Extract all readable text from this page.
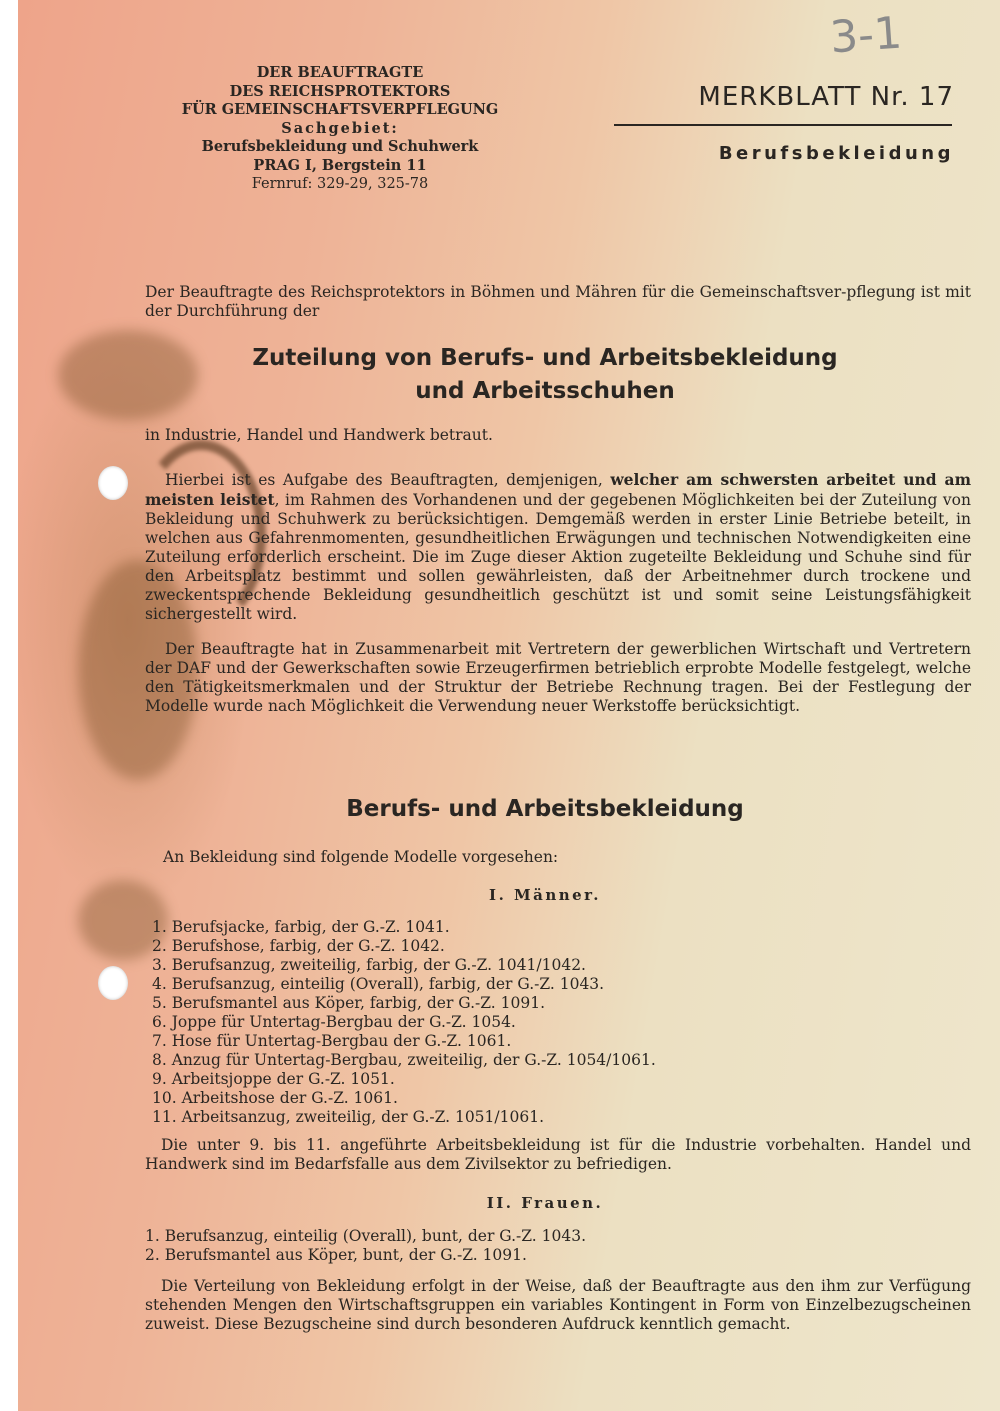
3-1
DER BEAUFTRAGTE
DES REICHSPROTEKTORS
FÜR GEMEINSCHAFTSVERPFLEGUNG
Sachgebiet:
Berufsbekleidung und Schuhwerk
PRAG I, Bergstein 11
Fernruf: 329-29, 325-78
MERKBLATT Nr. 17
Berufsbekleidung
Der Beauftragte des Reichsprotektors in Böhmen und Mähren für die Gemeinschaftsver-pflegung ist mit der Durchführung der
Zuteilung von Berufs- und Arbeitsbekleidung
und Arbeitsschuhen
in Industrie, Handel und Handwerk betraut.
Hierbei ist es Aufgabe des Beauftragten, demjenigen, welcher am schwersten arbeitet und am meisten leistet, im Rahmen des Vorhandenen und der gegebenen Möglichkeiten bei der Zuteilung von Bekleidung und Schuhwerk zu berücksichtigen. Demgemäß werden in erster Linie Betriebe beteilt, in welchen aus Gefahrenmomenten, gesundheitlichen Erwägungen und technischen Notwendigkeiten eine Zuteilung erforderlich erscheint. Die im Zuge dieser Aktion zugeteilte Bekleidung und Schuhe sind für den Arbeitsplatz bestimmt und sollen gewährleisten, daß der Arbeitnehmer durch trockene und zweckentsprechende Bekleidung gesundheitlich geschützt ist und somit seine Leistungsfähigkeit sichergestellt wird.
Der Beauftragte hat in Zusammenarbeit mit Vertretern der gewerblichen Wirtschaft und Vertretern der DAF und der Gewerkschaften sowie Erzeugerfirmen betrieblich erprobte Modelle festgelegt, welche den Tätigkeitsmerkmalen und der Struktur der Betriebe Rechnung tragen. Bei der Festlegung der Modelle wurde nach Möglichkeit die Verwendung neuer Werkstoffe berücksichtigt.
Berufs- und Arbeitsbekleidung
An Bekleidung sind folgende Modelle vorgesehen:
I. Männer.
1. Berufsjacke, farbig, der G.-Z. 1041.
2. Berufshose, farbig, der G.-Z. 1042.
3. Berufsanzug, zweiteilig, farbig, der G.-Z. 1041/1042.
4. Berufsanzug, einteilig (Overall), farbig, der G.-Z. 1043.
5. Berufsmantel aus Köper, farbig, der G.-Z. 1091.
6. Joppe für Untertag-Bergbau der G.-Z. 1054.
7. Hose für Untertag-Bergbau der G.-Z. 1061.
8. Anzug für Untertag-Bergbau, zweiteilig, der G.-Z. 1054/1061.
9. Arbeitsjoppe der G.-Z. 1051.
10. Arbeitshose der G.-Z. 1061.
11. Arbeitsanzug, zweiteilig, der G.-Z. 1051/1061.
Die unter 9. bis 11. angeführte Arbeitsbekleidung ist für die Industrie vorbehalten. Handel und Handwerk sind im Bedarfsfalle aus dem Zivilsektor zu befriedigen.
II. Frauen.
1. Berufsanzug, einteilig (Overall), bunt, der G.-Z. 1043.
2. Berufsmantel aus Köper, bunt, der G.-Z. 1091.
Die Verteilung von Bekleidung erfolgt in der Weise, daß der Beauftragte aus den ihm zur Verfügung stehenden Mengen den Wirtschaftsgruppen ein variables Kontingent in Form von Einzelbezugscheinen zuweist. Diese Bezugscheine sind durch besonderen Aufdruck kenntlich gemacht.
